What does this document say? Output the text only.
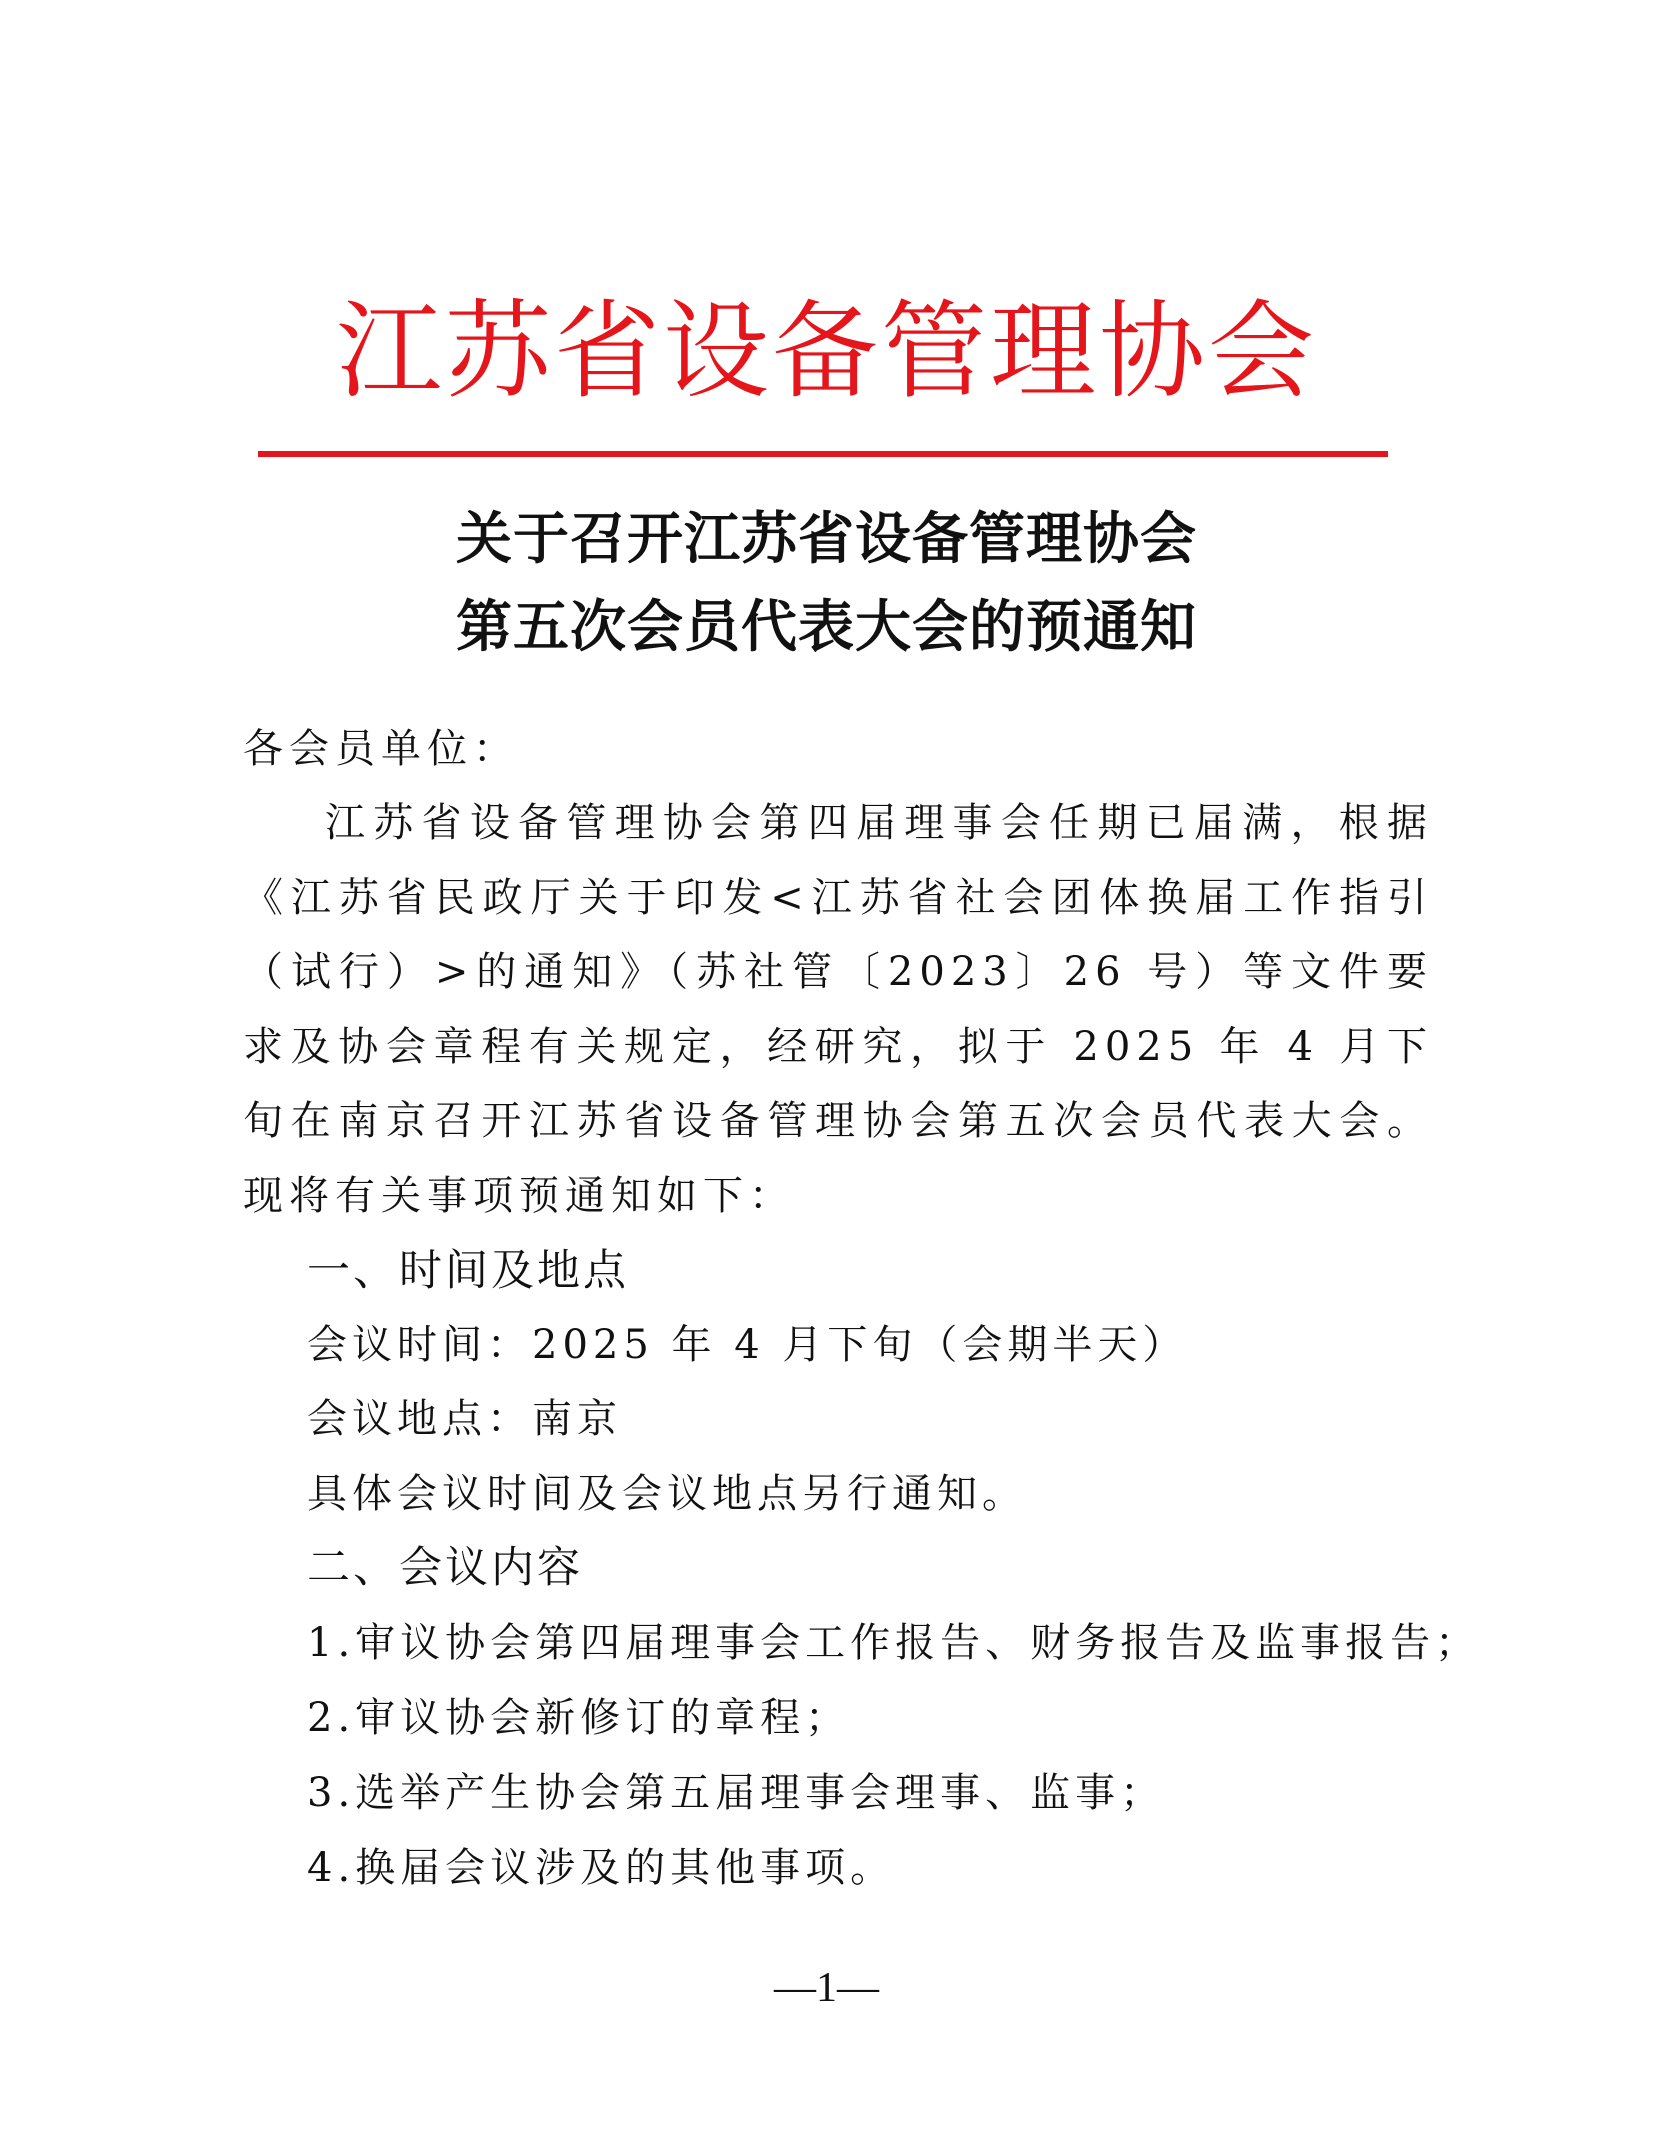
江苏省设备管理协会
关于召开江苏省设备管理协会
第五次会员代表大会的预通知
各会员单位：
江苏省设备管理协会第四届理事会任期已届满，根据《江苏省民政厅关于印发<江苏省社会团体换届工作指引（试行）>的通知》（苏社管〔2023〕26 号）等文件要求及协会章程有关规定，经研究，拟于 2025 年 4 月下旬在南京召开江苏省设备管理协会第五次会员代表大会。现将有关事项预通知如下：
一、时间及地点
会议时间：2025 年 4 月下旬（会期半天）
会议地点：南京
具体会议时间及会议地点另行通知。
二、会议内容
1.审议协会第四届理事会工作报告、财务报告及监事报告；
2.审议协会新修订的章程；
3.选举产生协会第五届理事会理事、监事；
4.换届会议涉及的其他事项。
—1—
